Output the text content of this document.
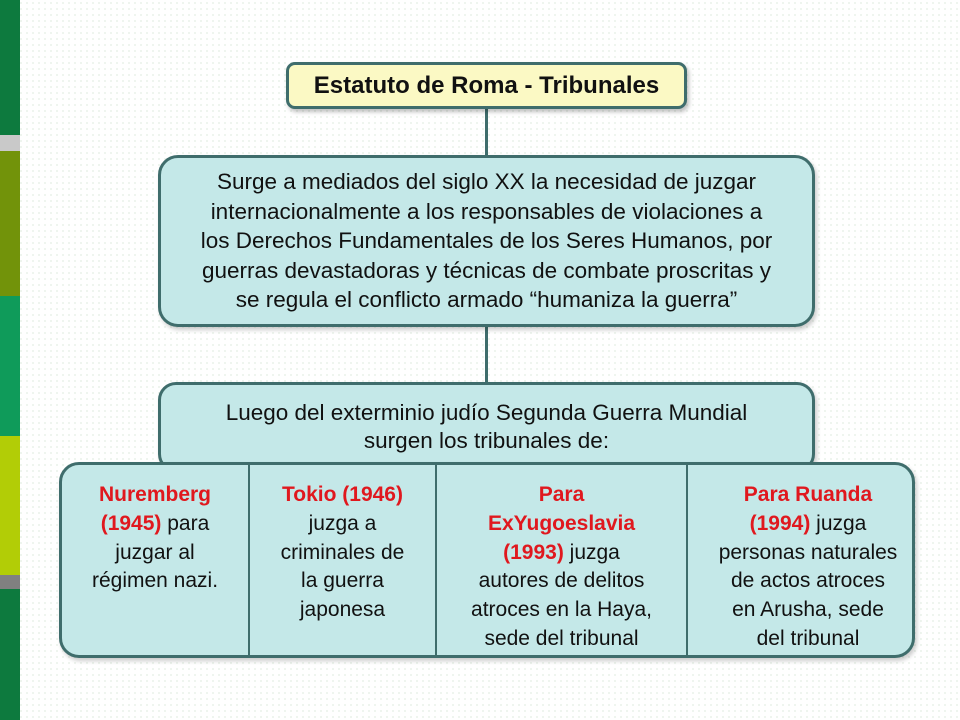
Estatuto de Roma - Tribunales
Surge a mediados del siglo XX la necesidad de juzgar
internacionalmente a los responsables de violaciones a
los Derechos Fundamentales de los Seres Humanos, por
guerras devastadoras y técnicas de combate proscritas y
se regula el conflicto armado “humaniza la guerra”
Luego del exterminio judío Segunda Guerra Mundial
surgen los tribunales de:
Nuremberg
(1945) para
juzgar al
régimen nazi.
Tokio (1946)
juzga a
criminales de
la guerra
japonesa
Para
ExYugoeslavia
(1993) juzga
autores de delitos
atroces en la Haya,
sede del tribunal
Para Ruanda
(1994) juzga
personas naturales
de actos atroces
en Arusha, sede
del tribunal
